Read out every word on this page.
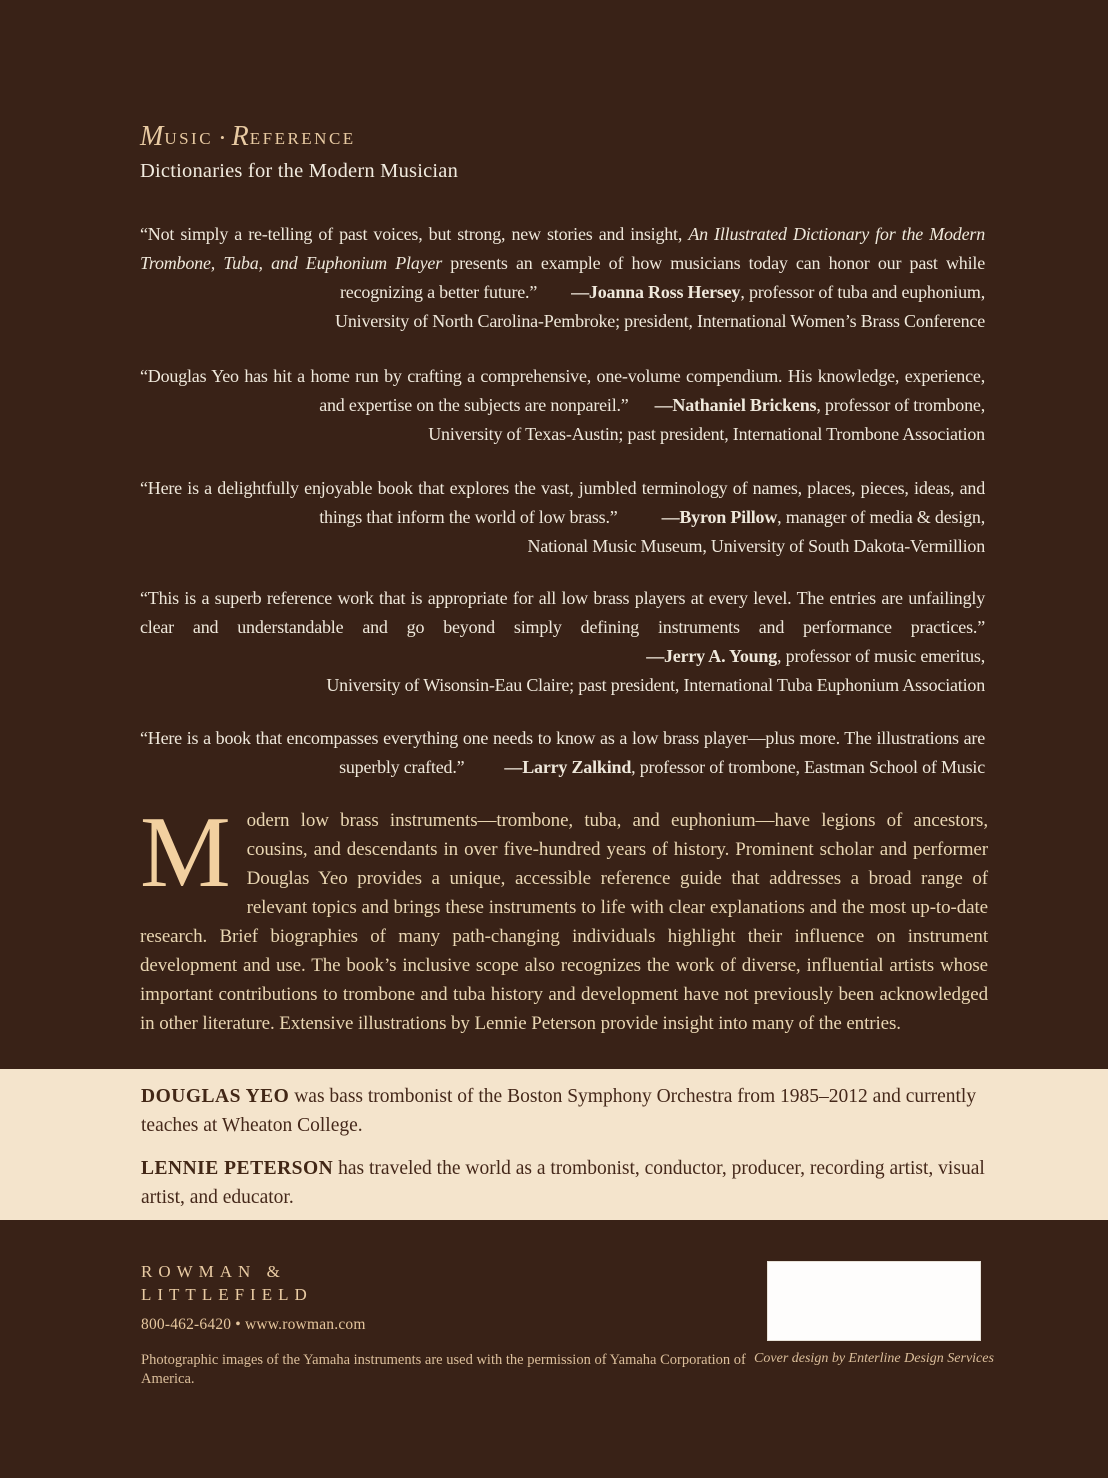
MUSIC • REFERENCE
Dictionaries for the Modern Musician

“Not simply a re-telling of past voices, but strong, new stories and insight, An Illustrated Dictionary for the Modern Trombone, Tuba, and Euphonium Player presents an example of how musicians today can honor our past while recognizing a better future.” —Joanna Ross Hersey, professor of tuba and euphonium,

University of North Carolina-Pembroke; president, International Women’s Brass Conference

“Douglas Yeo has hit a home run by crafting a comprehensive, one-volume compendium. His knowledge, experience, and expertise on the subjects are nonpareil.” —Nathaniel Brickens, professor of trombone,

University of Texas-Austin; past president, International Trombone Association

“Here is a delightfully enjoyable book that explores the vast, jumbled terminology of names, places, pieces, ideas, and things that inform the world of low brass.” —Byron Pillow, manager of media & design,

National Music Museum, University of South Dakota-Vermillion

“This is a superb reference work that is appropriate for all low brass players at every level. The entries are unfailingly clear and understandable and go beyond simply defining instruments and performance practices.”—Jerry A. Young, professor of music emeritus,

University of Wisonsin-Eau Claire; past president, International Tuba Euphonium Association

“Here is a book that encompasses everything one needs to know as a low brass player—plus more. The illustrations are superbly crafted.” —Larry Zalkind, professor of trombone, Eastman School of Music

Modern low brass instruments—trombone, tuba, and euphonium—have legions of ancestors, cousins, and descendants in over five-hundred years of history. Prominent scholar and performer Douglas Yeo provides a unique, accessible reference guide that addresses a broad range of relevant topics and brings these instruments to life with clear explanations and the most up-to-date research. Brief biographies of many path-changing individuals highlight their influence on instrument development and use. The book’s inclusive scope also recognizes the work of diverse, influential artists whose important contributions to trombone and tuba history and development have not previously been acknowledged in other literature. Extensive illustrations by Lennie Peterson provide insight into many of the entries.

DOUGLAS YEO was bass trombonist of the Boston Symphony Orchestra from 1985–2012 and currently teaches at Wheaton College.

LENNIE PETERSON has traveled the world as a trombonist, conductor, producer, recording artist, visual artist, and educator.

ROWMAN &
LITTLEFIELD
800-462-6420 • www.rowman.com
Photographic images of the Yamaha instruments are used with the permission of Yamaha Corporation of America.
Cover design by Enterline Design Services
